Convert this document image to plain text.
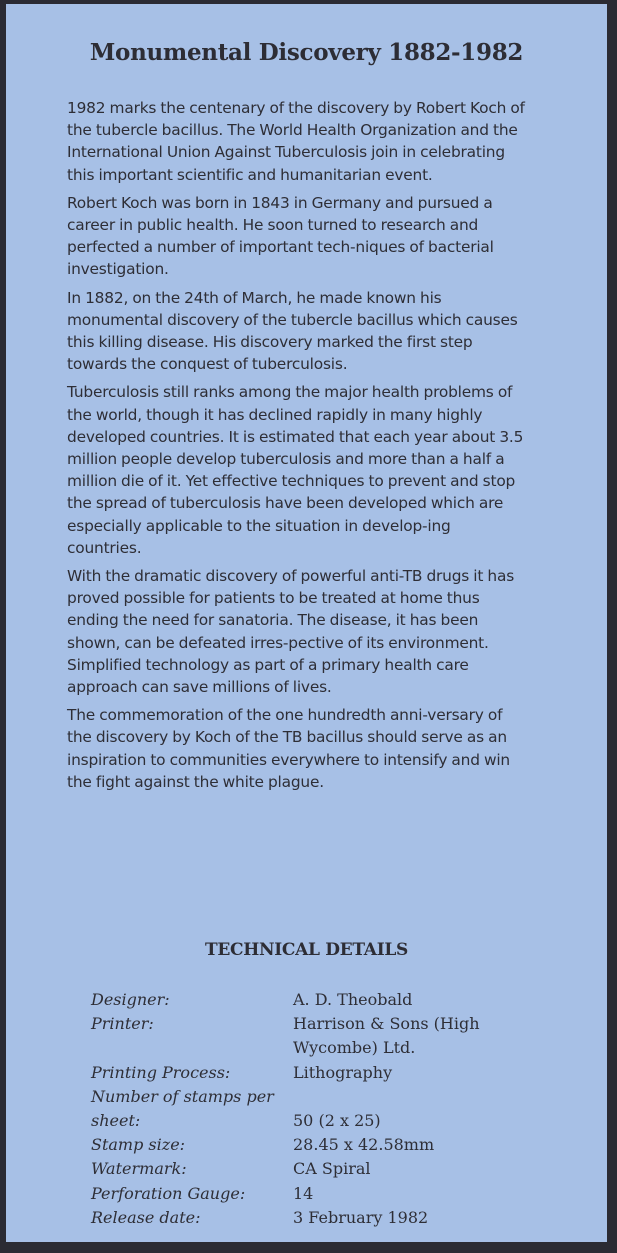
Monumental Discovery 1882-1982

1982 marks the centenary of the discovery by Robert Koch of the tubercle bacillus. The World Health Organization and the International Union Against Tuberculosis join in celebrating this important scientific and humanitarian event.

Robert Koch was born in 1843 in Germany and pursued a career in public health. He soon turned to research and perfected a number of important tech-niques of bacterial investigation.

In 1882, on the 24th of March, he made known his monumental discovery of the tubercle bacillus which causes this killing disease. His discovery marked the first step towards the conquest of tuberculosis.

Tuberculosis still ranks among the major health problems of the world, though it has declined rapidly in many highly developed countries. It is estimated that each year about 3.5 million people develop tuberculosis and more than a half a million die of it. Yet effective techniques to prevent and stop the spread of tuberculosis have been developed which are especially applicable to the situation in develop-ing countries.

With the dramatic discovery of powerful anti-TB drugs it has proved possible for patients to be treated at home thus ending the need for sanatoria. The disease, it has been shown, can be defeated irres-pective of its environment. Simplified technology as part of a primary health care approach can save millions of lives.

The commemoration of the one hundredth anni-versary of the discovery by Koch of the TB bacillus should serve as an inspiration to communities everywhere to intensify and win the fight against the white plague.

TECHNICAL DETAILS
Designer:	A. D. Theobald
Printer:	Harrison & Sons (High Wycombe) Ltd.
Printing Process:	Lithography
Number of stamps per sheet:	50 (2 x 25)
Stamp size:	28.45 x 42.58mm
Watermark:	CA Spiral
Perforation Gauge:	14
Release date:	3 February 1982
